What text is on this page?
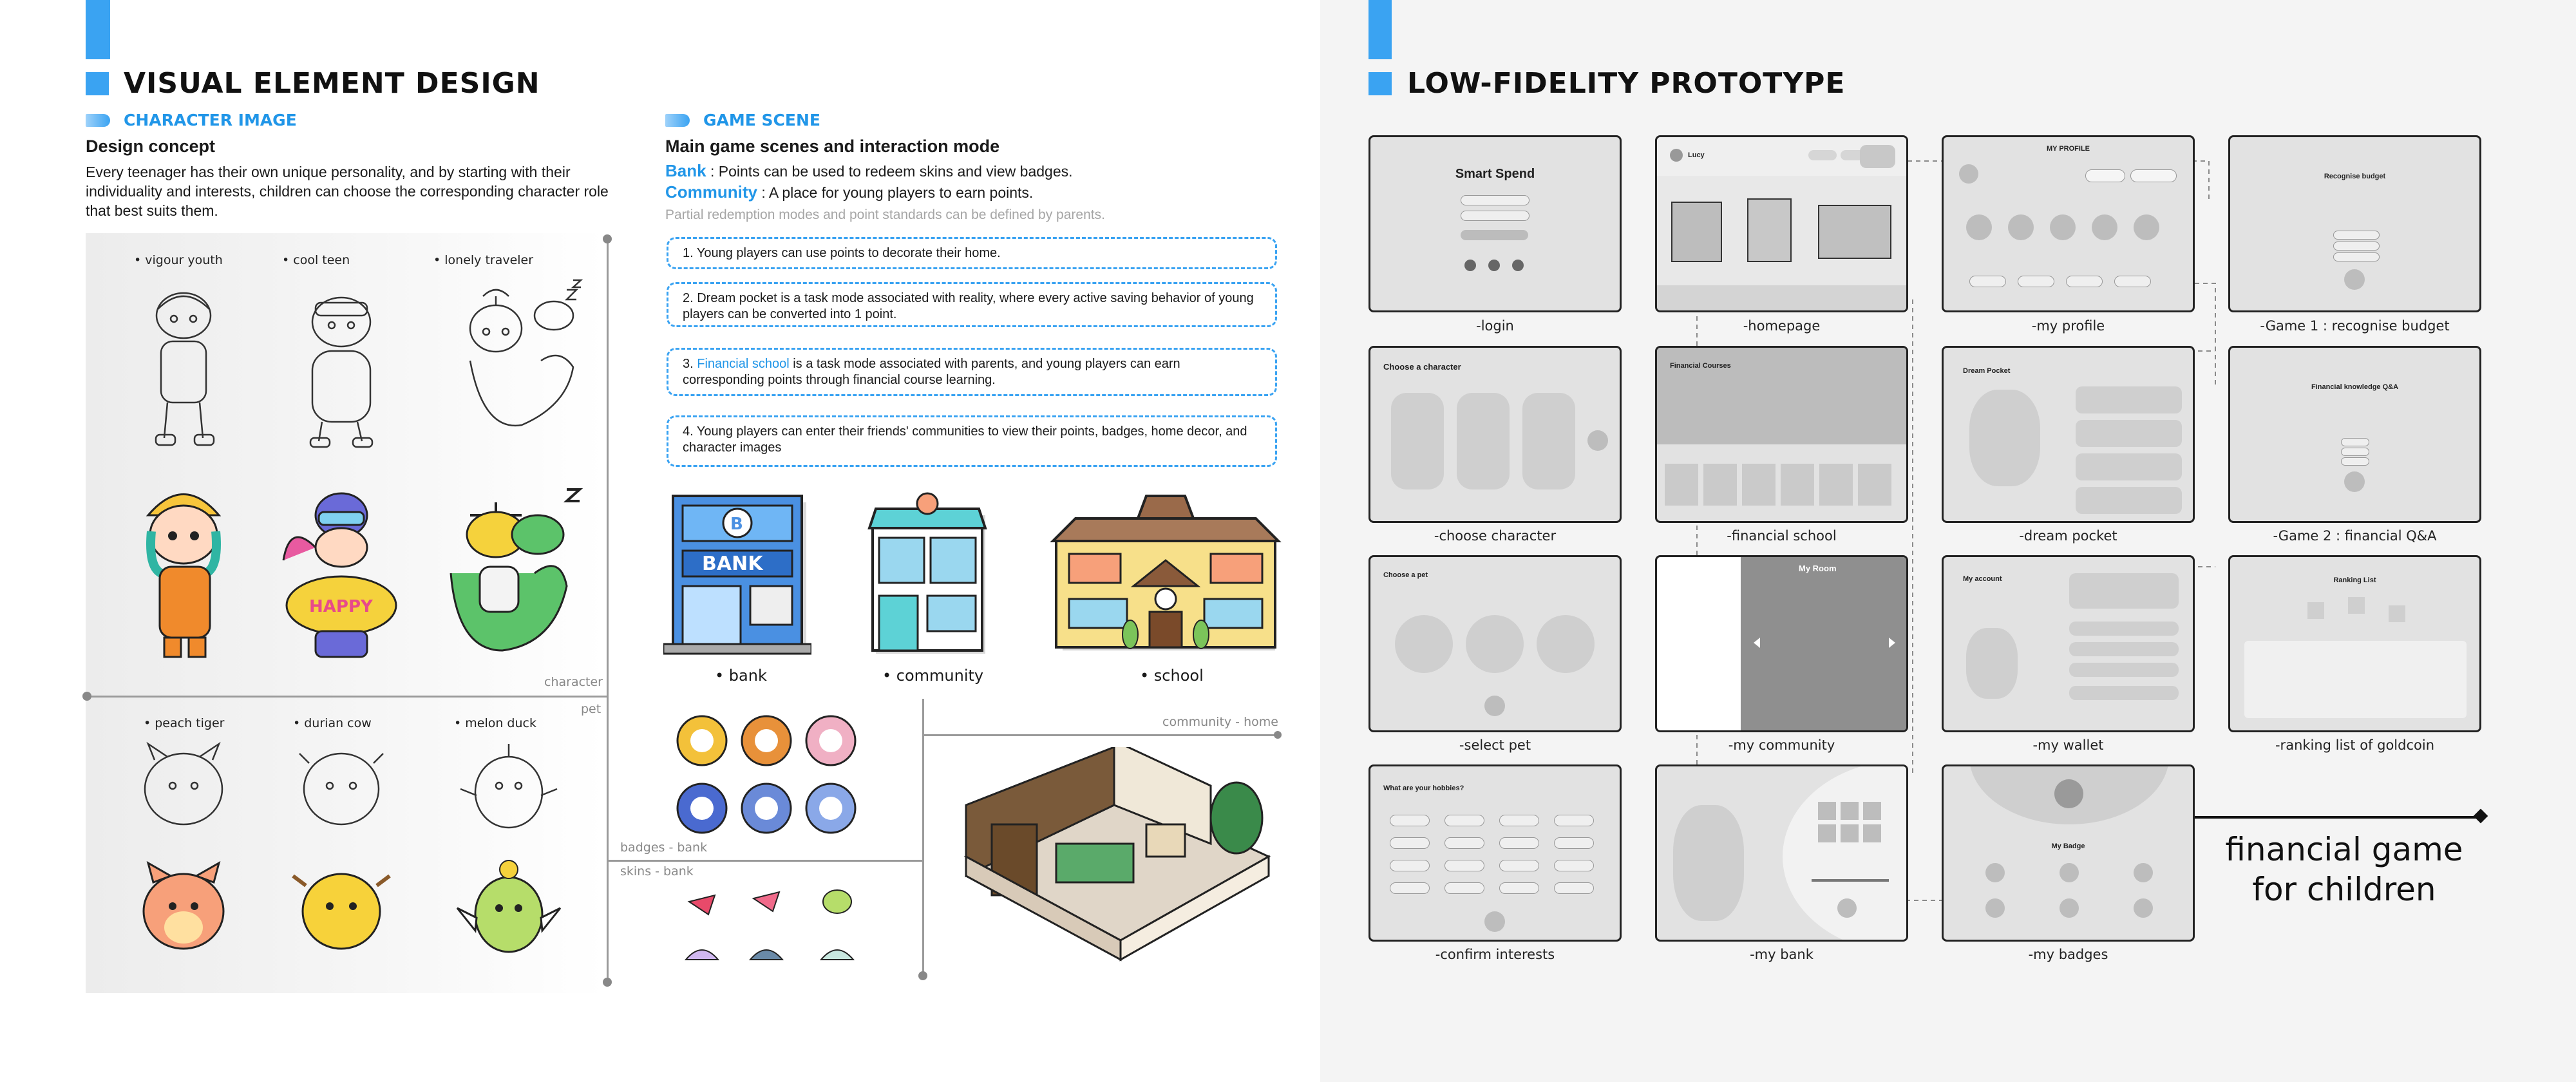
VISUAL ELEMENT DESIGN
CHARACTER IMAGE
Design concept
Every teenager has their own unique personality, and by starting with their individuality and interests, children can choose the corresponding character role that best suits them.
character
pet
• vigour youth	• cool teen	• lonely traveler
HAPPY
• peach tiger	• durian cow	• melon duck
GAME SCENE
Main game scenes and interaction mode
Bank : Points can be used to redeem skins and view badges.
Community : A place for young players to earn points.
Partial redemption modes and point standards can be defined by parents.
1. Young players can use points to decorate their home.
2. Dream pocket is a task mode associated with reality, where every active saving behavior of young players can be converted into 1 point.
3. Financial school is a task mode associated with parents, and young players can earn corresponding points through financial course learning.
4. Young players can enter their friends' communities to view their points, badges, home decor, and character images
B
BANK
• bank	• community	• school
community - home
badges - bank
skins - bank
LOW-FIDELITY PROTOTYPE
Smart Spend
-login
Lucy
-homepage
MY PROFILE
-my profile
Recognise budget
-Game 1 : recognise budget
Choose a character
-choose character
Financial Courses
-financial school
Dream Pocket
-dream pocket
Financial knowledge Q&A
-Game 2 : financial Q&A
Choose a pet
-select pet
My Room
-my community
My account
-my wallet
Ranking List
-ranking list of goldcoin
What are your hobbies?
-confirm interests	-my bank
My Badge
-my badges
financial game
for children
